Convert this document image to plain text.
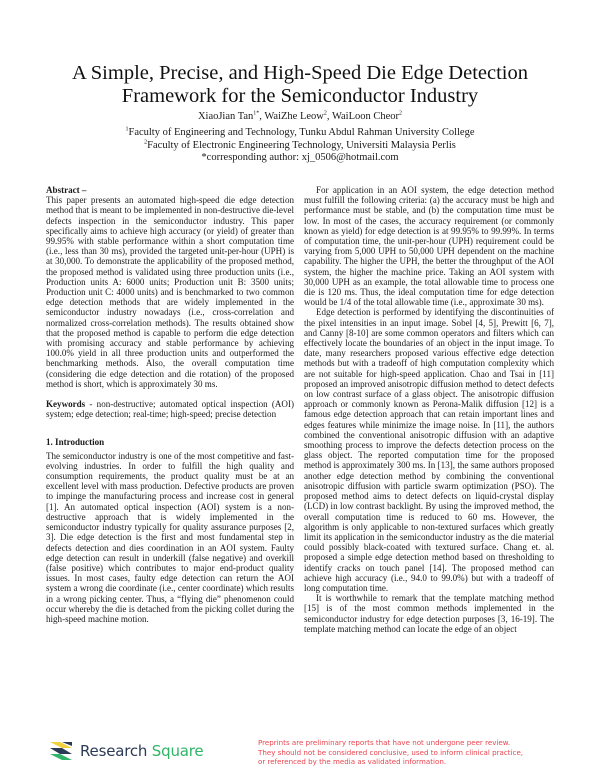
A Simple, Precise, and High-Speed Die Edge Detection
Framework for the Semiconductor Industry
XiaoJian Tan$^{1*}$, WaiZhe Leow$^2$, WaiLoon Cheor$^2$
$^1$Faculty of Engineering and Technology, Tunku Abdul Rahman University College
$^2$Faculty of Electronic Engineering Technology, Universiti Malaysia Perlis
*corresponding author: xj_0506@hotmail.com

Abstract –

This paper presents an automated high-speed die edge detection method that is meant to be implemented in non-destructive die-level defects inspection in the semiconductor industry. This paper specifically aims to achieve high accuracy (or yield) of greater than 99.95% with stable performance within a short computation time (i.e., less than 30 ms), provided the targeted unit-per-hour (UPH) is at 30,000. To demonstrate the applicability of the proposed method, the proposed method is validated using three production units (i.e., Production units A: 6000 units; Production unit B: 3500 units; Production unit C: 4000 units) and is benchmarked to two common edge detection methods that are widely implemented in the semiconductor industry nowadays (i.e., cross-correlation and normalized cross-correlation methods). The results obtained show that the proposed method is capable to perform die edge detection with promising accuracy and stable performance by achieving 100.0% yield in all three production units and outperformed the benchmarking methods. Also, the overall computation time (considering die edge detection and die rotation) of the proposed method is short, which is approximately 30 ms.

Keywords - non-destructive; automated optical inspection (AOI) system; edge detection; real-time; high-speed; precise detection

1. Introduction

The semiconductor industry is one of the most competitive and fast-evolving industries. In order to fulfill the high quality and consumption requirements, the product quality must be at an excellent level with mass production. Defective products are proven to impinge the manufacturing process and increase cost in general [1]. An automated optical inspection (AOI) system is a non-destructive approach that is widely implemented in the semiconductor industry typically for quality assurance purposes [2, 3]. Die edge detection is the first and most fundamental step in defects detection and dies coordination in an AOI system. Faulty edge detection can result in underkill (false negative) and overkill (false positive) which contributes to major end-product quality issues. In most cases, faulty edge detection can return the AOI system a wrong die coordinate (i.e., center coordinate) which results in a wrong picking center. Thus, a “flying die” phenomenon could occur whereby the die is detached from the picking collet during the high-speed machine motion.

For application in an AOI system, the edge detection method must fulfill the following criteria: (a) the accuracy must be high and performance must be stable, and (b) the computation time must be low. In most of the cases, the accuracy requirement (or commonly known as yield) for edge detection is at 99.95% to 99.99%. In terms of computation time, the unit-per-hour (UPH) requirement could be varying from 5,000 UPH to 50,000 UPH dependent on the machine capability. The higher the UPH, the better the throughput of the AOI system, the higher the machine price. Taking an AOI system with 30,000 UPH as an example, the total allowable time to process one die is 120 ms. Thus, the ideal computation time for edge detection would be 1/4 of the total allowable time (i.e., approximate 30 ms).

Edge detection is performed by identifying the discontinuities of the pixel intensities in an input image. Sobel [4, 5], Prewitt [6, 7], and Canny [8-10] are some common operators and filters which can effectively locate the boundaries of an object in the input image. To date, many researchers proposed various effective edge detection methods but with a tradeoff of high computation complexity which are not suitable for high-speed application. Chao and Tsai in [11] proposed an improved anisotropic diffusion method to detect defects on low contrast surface of a glass object. The anisotropic diffusion approach or commonly known as Perona-Malik diffusion [12] is a famous edge detection approach that can retain important lines and edges features while minimize the image noise. In [11], the authors combined the conventional anisotropic diffusion with an adaptive smoothing process to improve the defects detection process on the glass object. The reported computation time for the proposed method is approximately 300 ms. In [13], the same authors proposed another edge detection method by combining the conventional anisotropic diffusion with particle swarm optimization (PSO). The proposed method aims to detect defects on liquid-crystal display (LCD) in low contrast backlight. By using the improved method, the overall computation time is reduced to 60 ms. However, the algorithm is only applicable to non-textured surfaces which greatly limit its application in the semiconductor industry as the die material could possibly black-coated with textured surface. Chang et. al. proposed a simple edge detection method based on thresholding to identify cracks on touch panel [14]. The proposed method can achieve high accuracy (i.e., 94.0 to 99.0%) but with a tradeoff of long computation time.

It is worthwhile to remark that the template matching method [15] is of the most common methods implemented in the semiconductor industry for edge detection purposes [3, 16-19]. The template matching method can locate the edge of an object

Research Square	Preprints are preliminary reports that have not undergone peer review.
They should not be considered conclusive, used to inform clinical practice,
or referenced by the media as validated information.
